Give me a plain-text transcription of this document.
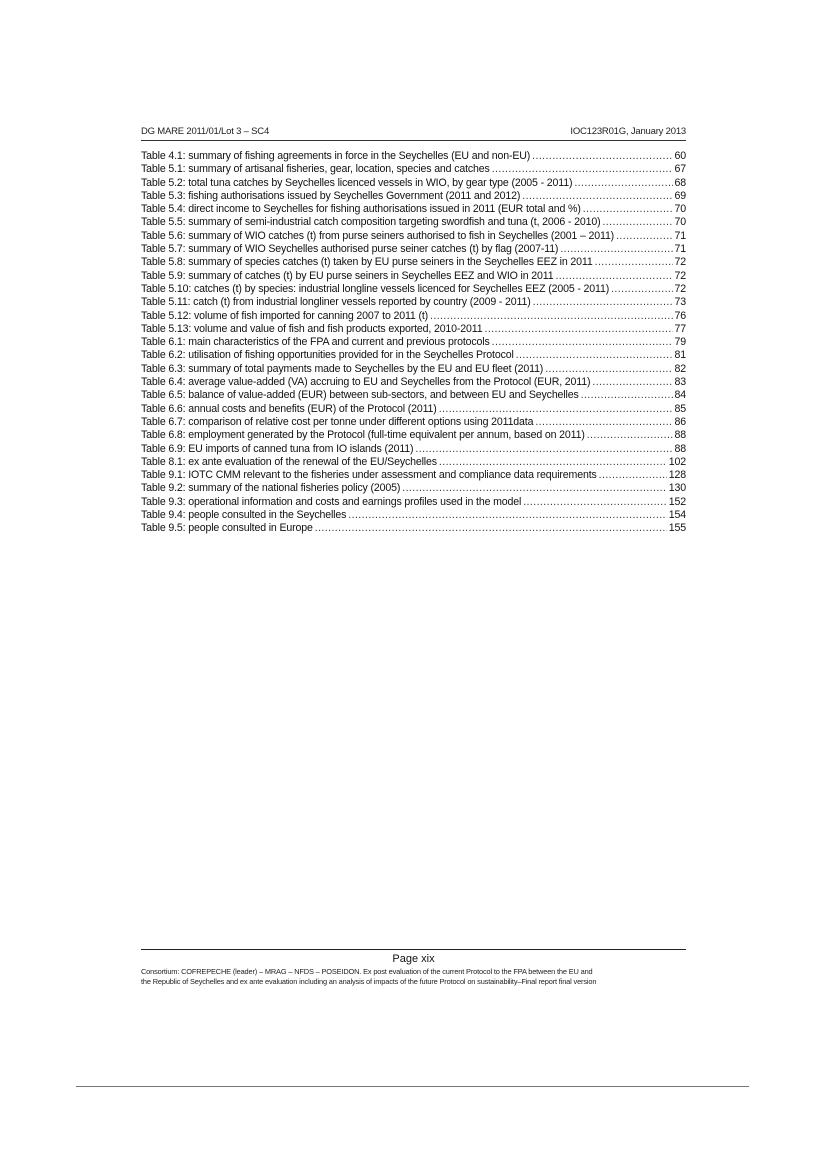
DG MARE 2011/01/Lot 3 – SC4	IOC123R01G, January 2013
Table 4.1: summary of fishing agreements in force in the Seychelles (EU and non-EU) .....	60
Table 5.1: summary of artisanal fisheries, gear, location, species and catches .....	67
Table 5.2: total tuna catches by Seychelles licenced vessels in WIO, by gear type (2005 - 2011) .....	68
Table 5.3: fishing authorisations issued by Seychelles Government (2011 and 2012) .....	69
Table 5.4: direct income to Seychelles for fishing authorisations issued in 2011 (EUR total and %) .....	70
Table 5.5: summary of semi-industrial catch composition targeting swordfish and tuna (t, 2006 - 2010) .....	70
Table 5.6: summary of WIO catches (t) from purse seiners authorised to fish in Seychelles (2001 – 2011) .....	71
Table 5.7: summary of WIO Seychelles authorised purse seiner catches (t) by flag (2007-11) .....	71
Table 5.8: summary of species catches (t) taken by EU purse seiners in the Seychelles EEZ in 2011 .....	72
Table 5.9: summary of catches (t) by EU purse seiners in Seychelles EEZ and WIO in 2011 .....	72
Table 5.10: catches (t) by species: industrial longline vessels licenced for Seychelles EEZ (2005 - 2011) .....	72
Table 5.11: catch (t) from industrial longliner vessels reported by country (2009 - 2011) .....	73
Table 5.12: volume of fish imported for canning 2007 to 2011 (t) .....	76
Table 5.13: volume and value of fish and fish products exported, 2010-2011 .....	77
Table 6.1: main characteristics of the FPA and current and previous protocols .....	79
Table 6.2: utilisation of fishing opportunities provided for in the Seychelles Protocol .....	81
Table 6.3: summary of total payments made to Seychelles by the EU and EU fleet (2011) .....	82
Table 6.4: average value-added (VA) accruing to EU and Seychelles from the Protocol (EUR, 2011) .....	83
Table 6.5: balance of value-added (EUR) between sub-sectors, and between EU and Seychelles .....	84
Table 6.6: annual costs and benefits (EUR) of the Protocol (2011) .....	85
Table 6.7: comparison of relative cost per tonne under different options using 2011data .....	86
Table 6.8: employment generated by the Protocol (full-time equivalent per annum, based on 2011) .....	88
Table 6.9: EU imports of canned tuna from IO islands (2011) .....	88
Table 8.1: ex ante evaluation of the renewal of the EU/Seychelles .....	102
Table 9.1: IOTC CMM relevant to the fisheries under assessment and compliance data requirements .....	128
Table 9.2: summary of the national fisheries policy (2005) .....	130
Table 9.3: operational information and costs and earnings profiles used in the model .....	152
Table 9.4: people consulted in the Seychelles .....	154
Table 9.5: people consulted in Europe .....	155
Page xix
Consortium: COFREPECHE (leader) – MRAG – NFDS – POSEIDON. Ex post evaluation of the current Protocol to the FPA between the EU and
the Republic of Seychelles and ex ante evaluation including an analysis of impacts of the future Protocol on sustainability–Final report final version
